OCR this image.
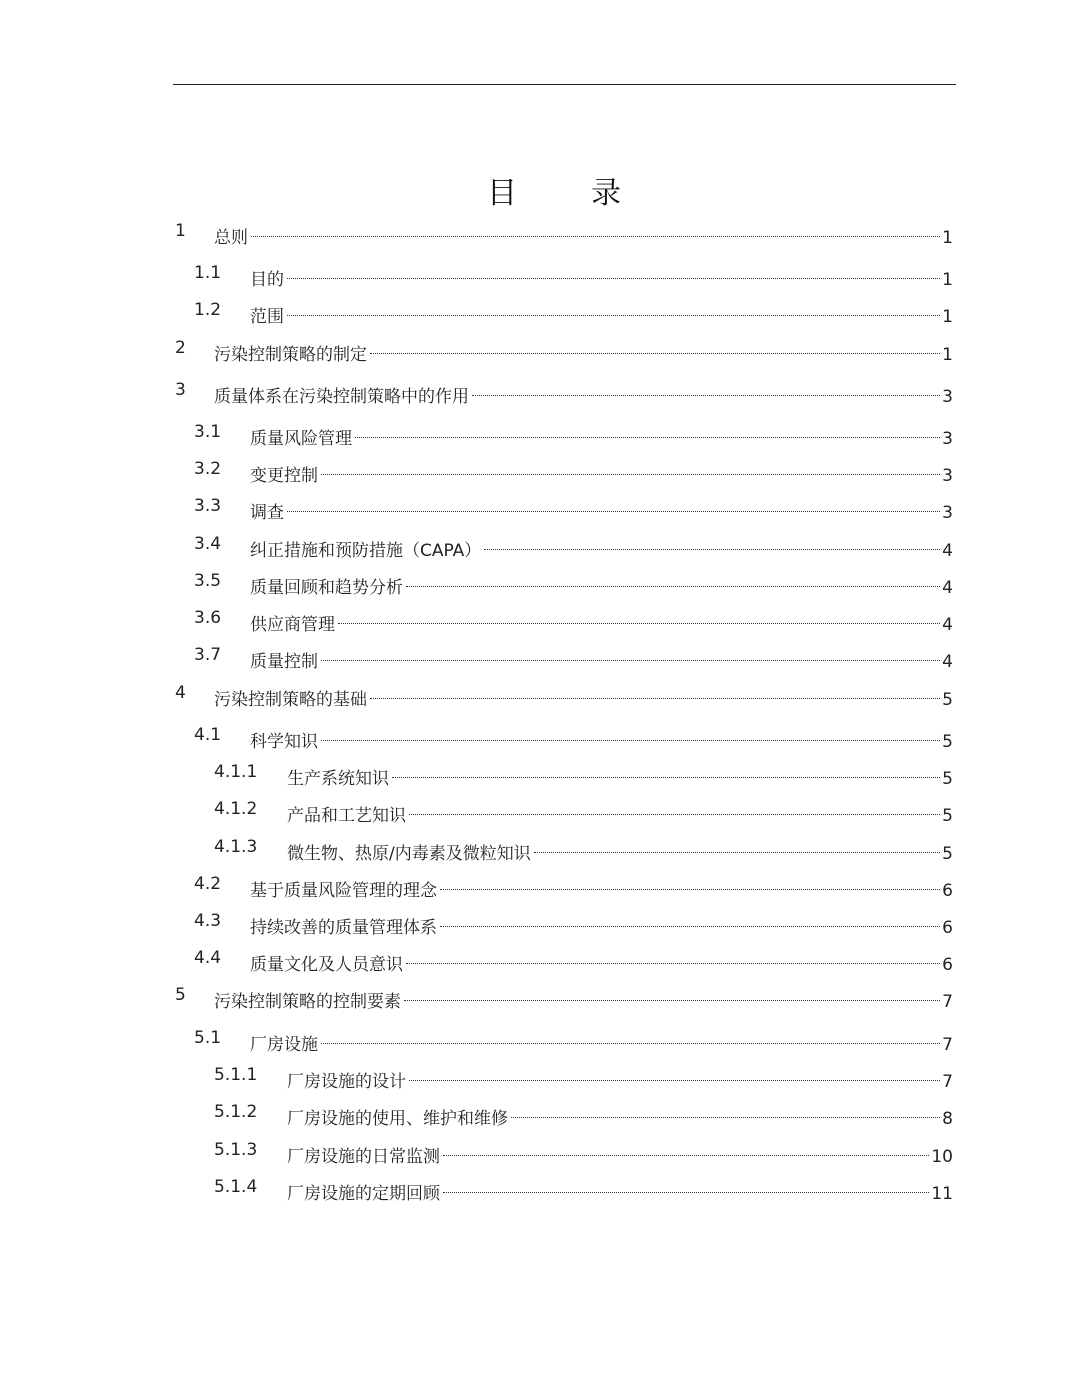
目　录
1 总则	1
1.1 目的	1
1.2 范围	1
2 污染控制策略的制定	1
3 质量体系在污染控制策略中的作用	3
3.1 质量风险管理	3
3.2 变更控制	3
3.3 调查	3
3.4 纠正措施和预防措施（CAPA）	4
3.5 质量回顾和趋势分析	4
3.6 供应商管理	4
3.7 质量控制	4
4 污染控制策略的基础	5
4.1 科学知识	5
4.1.1 生产系统知识	5
4.1.2 产品和工艺知识	5
4.1.3 微生物、热原/内毒素及微粒知识	5
4.2 基于质量风险管理的理念	6
4.3 持续改善的质量管理体系	6
4.4 质量文化及人员意识	6
5 污染控制策略的控制要素	7
5.1 厂房设施	7
5.1.1 厂房设施的设计	7
5.1.2 厂房设施的使用、维护和维修	8
5.1.3 厂房设施的日常监测	10
5.1.4 厂房设施的定期回顾	11
